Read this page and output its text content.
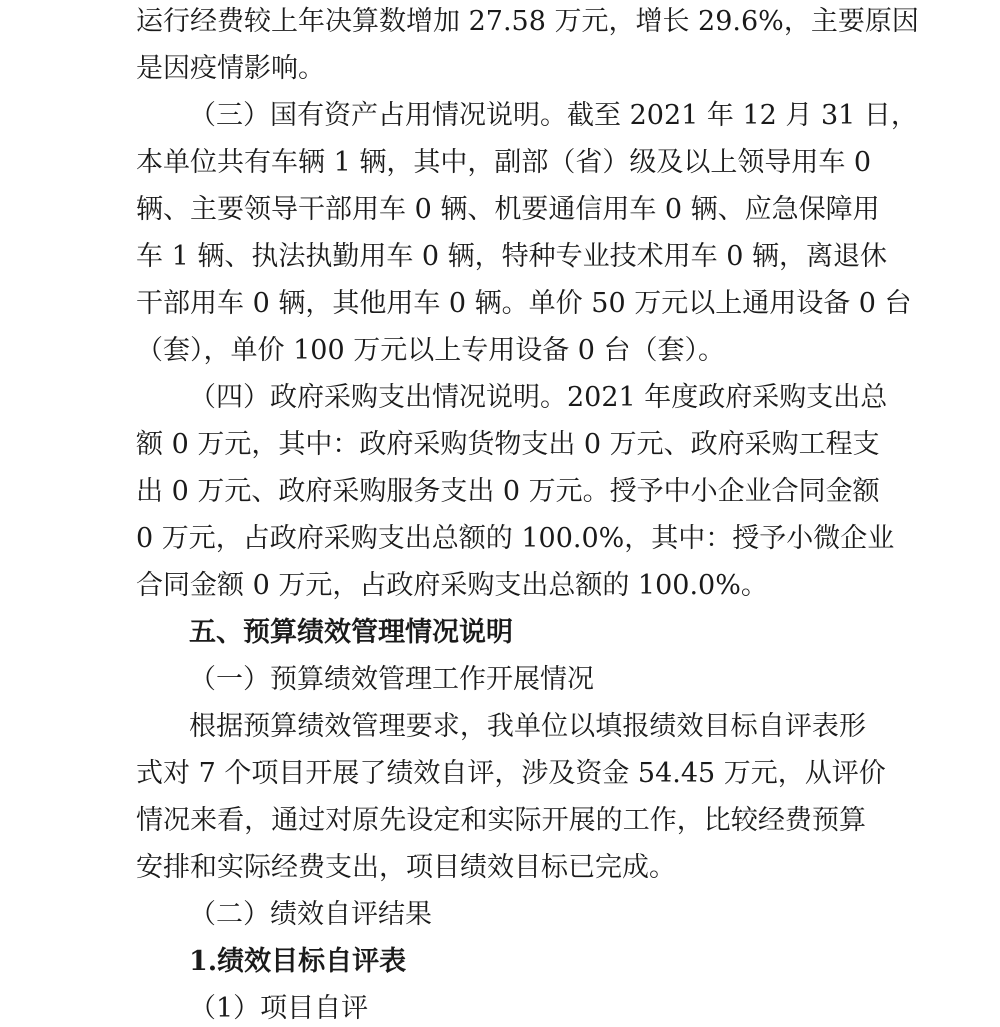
运行经费较上年决算数增加 27.58 万元，增长 29.6%，主要原因
是因疫情影响。
（三）国有资产占用情况说明。截至 2021 年 12 月 31 日，
本单位共有车辆 1 辆，其中，副部（省）级及以上领导用车 0
辆、主要领导干部用车 0 辆、机要通信用车 0 辆、应急保障用
车 1 辆、执法执勤用车 0 辆，特种专业技术用车 0 辆，离退休
干部用车 0 辆，其他用车 0 辆。单价 50 万元以上通用设备 0 台
（套），单价 100 万元以上专用设备 0 台（套）。
（四）政府采购支出情况说明。2021 年度政府采购支出总
额 0 万元，其中：政府采购货物支出 0 万元、政府采购工程支
出 0 万元、政府采购服务支出 0 万元。授予中小企业合同金额
0 万元，占政府采购支出总额的 100.0%，其中：授予小微企业
合同金额 0 万元，占政府采购支出总额的 100.0%。
五、预算绩效管理情况说明
（一）预算绩效管理工作开展情况
根据预算绩效管理要求，我单位以填报绩效目标自评表形
式对 7 个项目开展了绩效自评，涉及资金 54.45 万元，从评价
情况来看，通过对原先设定和实际开展的工作，比较经费预算
安排和实际经费支出，项目绩效目标已完成。
（二）绩效自评结果
1.绩效目标自评表
（1）项目自评
